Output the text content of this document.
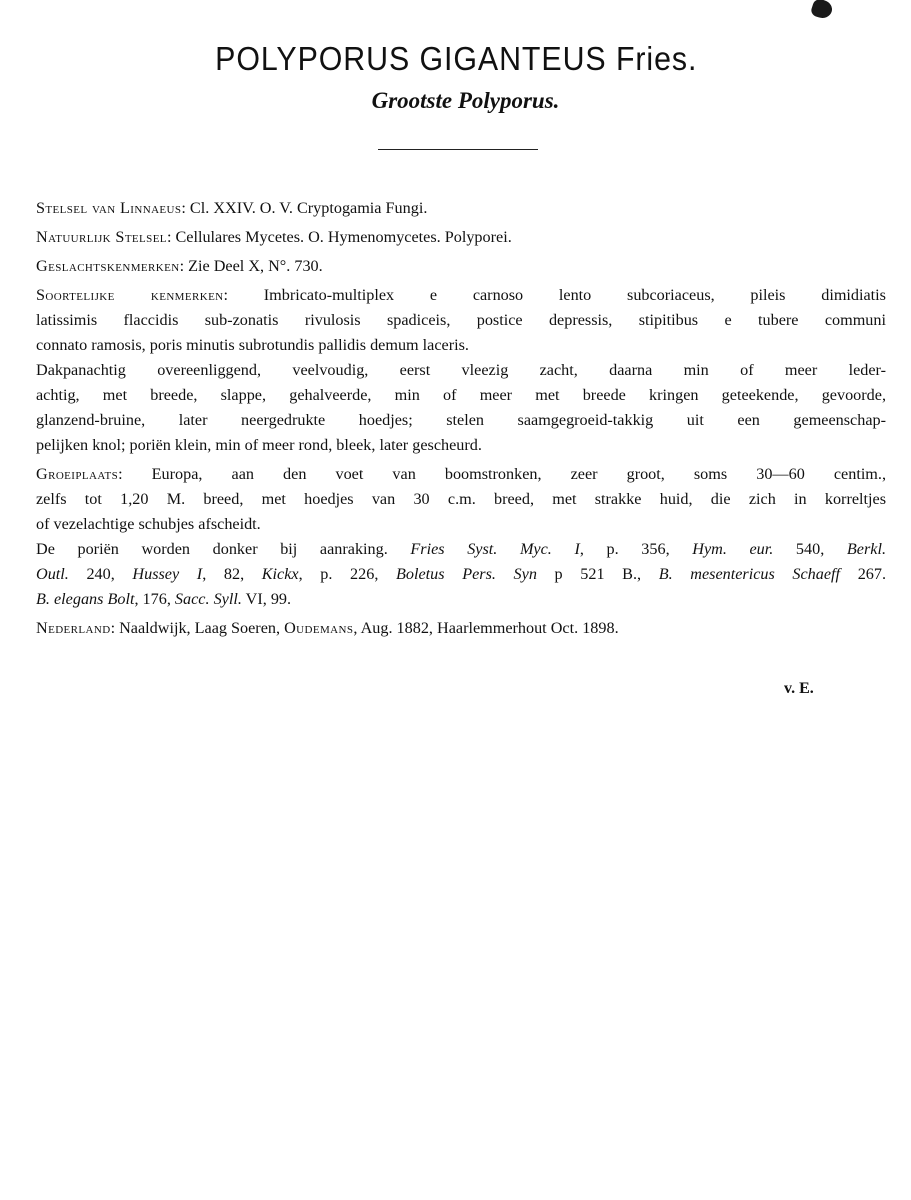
POLYPORUS GIGANTEUS Fries.
Grootste Polyporus.
Stelsel van Linnaeus: Cl. XXIV. O. V. Cryptogamia Fungi.
Natuurlijk Stelsel: Cellulares Mycetes. O. Hymenomycetes. Polyporei.
Geslachtskenmerken: Zie Deel X, N°. 730.
Soortelijke kenmerken: Imbricato-multiplex e carnoso lento subcoriaceus, pileis dimidiatis
latissimis flaccidis sub-zonatis rivulosis spadiceis, postice depressis, stipitibus e tubere communi
connato ramosis, poris minutis subrotundis pallidis demum laceris.
Dakpanachtig overeenliggend, veelvoudig, eerst vleezig zacht, daarna min of meer leder-
achtig, met breede, slappe, gehalveerde, min of meer met breede kringen geteekende, gevoorde,
glanzend-bruine, later neergedrukte hoedjes; stelen saamgegroeid-takkig uit een gemeenschap-
pelijken knol; poriën klein, min of meer rond, bleek, later gescheurd.
Groeiplaats: Europa, aan den voet van boomstronken, zeer groot, soms 30—60 centim.,
zelfs tot 1,20 M. breed, met hoedjes van 30 c.m. breed, met strakke huid, die zich in korreltjes
of vezelachtige schubjes afscheidt.
De poriën worden donker bij aanraking. Fries Syst. Myc. I, p. 356, Hym. eur. 540, Berkl.
Outl. 240, Hussey I, 82, Kickx, p. 226, Boletus Pers. Syn p 521 B., B. mesentericus Schaeff 267.
B. elegans Bolt, 176, Sacc. Syll. VI, 99.
Nederland: Naaldwijk, Laag Soeren, Oudemans, Aug. 1882, Haarlemmerhout Oct. 1898.
v. E.
